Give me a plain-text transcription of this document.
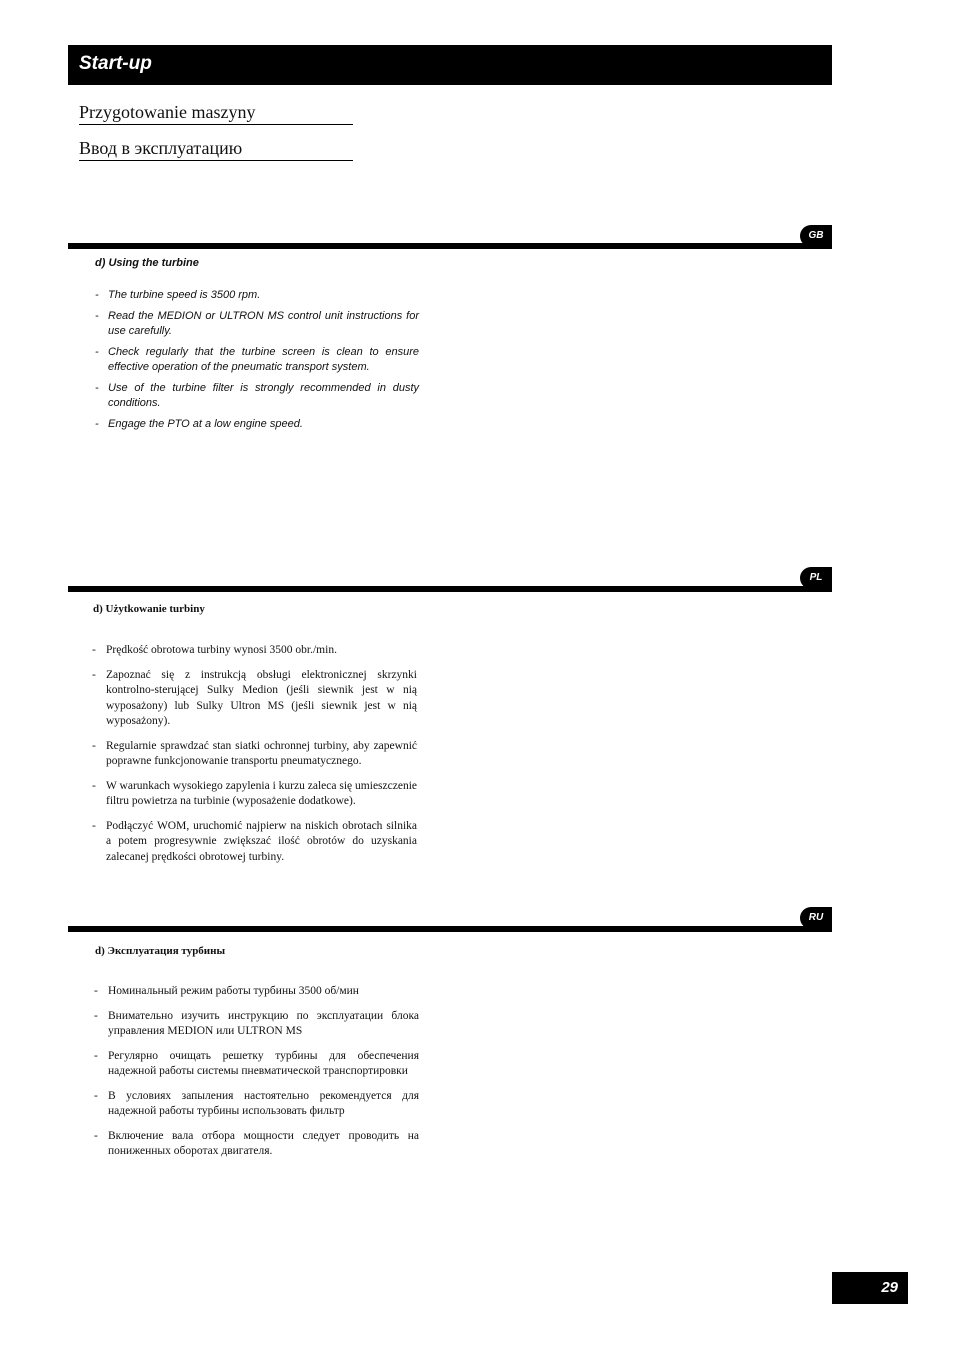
Start-up
Przygotowanie maszyny
Ввод в эксплуатацию
GB
d) Using the turbine
- The turbine speed is 3500 rpm.
- Read the MEDION or ULTRON MS control unit instructions for use carefully.
- Check regularly that the turbine screen is clean to ensure effective operation of the pneumatic transport system.
- Use of the turbine filter is strongly recommended in dusty conditions.
- Engage the PTO at a low engine speed.
PL
d) Użytkowanie turbiny
- Prędkość obrotowa turbiny wynosi 3500 obr./min.
- Zapoznać się z instrukcją obsługi elektronicznej skrzynki kontrolno-sterującej Sulky Medion (jeśli siewnik jest w nią wyposażony) lub Sulky Ultron MS (jeśli siewnik jest w nią wyposażony).
- Regularnie sprawdzać stan siatki ochronnej turbiny, aby zapewnić poprawne funkcjonowanie transportu pneumatycznego.
- W warunkach wysokiego zapylenia i kurzu zaleca się umieszczenie filtru powietrza na turbinie (wyposażenie dodatkowe).
- Podłączyć WOM, uruchomić najpierw na niskich obrotach silnika a potem progresywnie zwiększać ilość obrotów do uzyskania zalecanej prędkości obrotowej turbiny.
RU
d) Эксплуатация турбины
- Номинальный режим работы турбины 3500 об/мин
- Внимательно изучить инструкцию по эксплуатации блока управления MEDION или ULTRON MS
- Регулярно очищать решетку турбины для обеспечения надежной работы системы пневматической транспортировки
- В условиях запыления настоятельно рекомендуется для надежной работы турбины использовать фильтр
- Включение вала отбора мощности следует проводить на пониженных оборотах двигателя.
29
